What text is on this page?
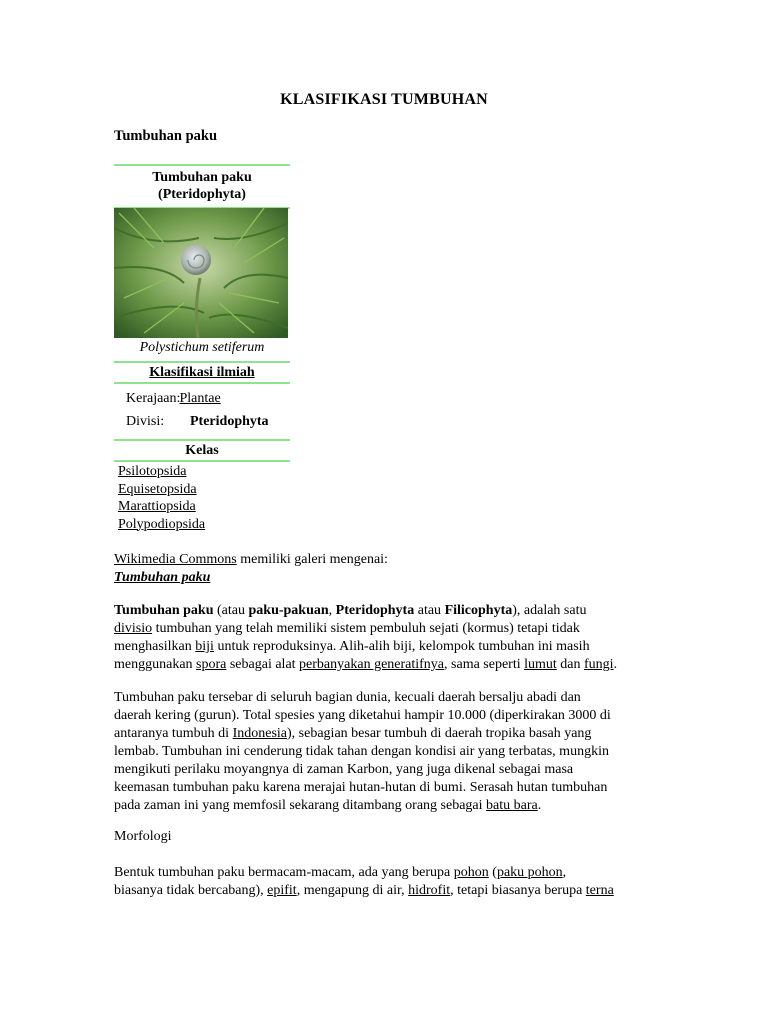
KLASIFIKASI TUMBUHAN
Tumbuhan paku
Tumbuhan paku
(Pteridophyta)
Polystichum setiferum
Klasifikasi ilmiah
Kerajaan: Plantae
Divisi: Pteridophyta
Kelas
Psilotopsida
Equisetopsida
Marattiopsida
Polypodiopsida
Wikimedia Commons memiliki galeri mengenai:
Tumbuhan paku
Tumbuhan paku (atau paku-pakuan, Pteridophyta atau Filicophyta), adalah satu
divisio tumbuhan yang telah memiliki sistem pembuluh sejati (kormus) tetapi tidak
menghasilkan biji untuk reproduksinya. Alih-alih biji, kelompok tumbuhan ini masih
menggunakan spora sebagai alat perbanyakan generatifnya, sama seperti lumut dan fungi.
Tumbuhan paku tersebar di seluruh bagian dunia, kecuali daerah bersalju abadi dan
daerah kering (gurun). Total spesies yang diketahui hampir 10.000 (diperkirakan 3000 di
antaranya tumbuh di Indonesia), sebagian besar tumbuh di daerah tropika basah yang
lembab. Tumbuhan ini cenderung tidak tahan dengan kondisi air yang terbatas, mungkin
mengikuti perilaku moyangnya di zaman Karbon, yang juga dikenal sebagai masa
keemasan tumbuhan paku karena merajai hutan-hutan di bumi. Serasah hutan tumbuhan
pada zaman ini yang memfosil sekarang ditambang orang sebagai batu bara.
Morfologi
Bentuk tumbuhan paku bermacam-macam, ada yang berupa pohon (paku pohon,
biasanya tidak bercabang), epifit, mengapung di air, hidrofit, tetapi biasanya berupa terna
